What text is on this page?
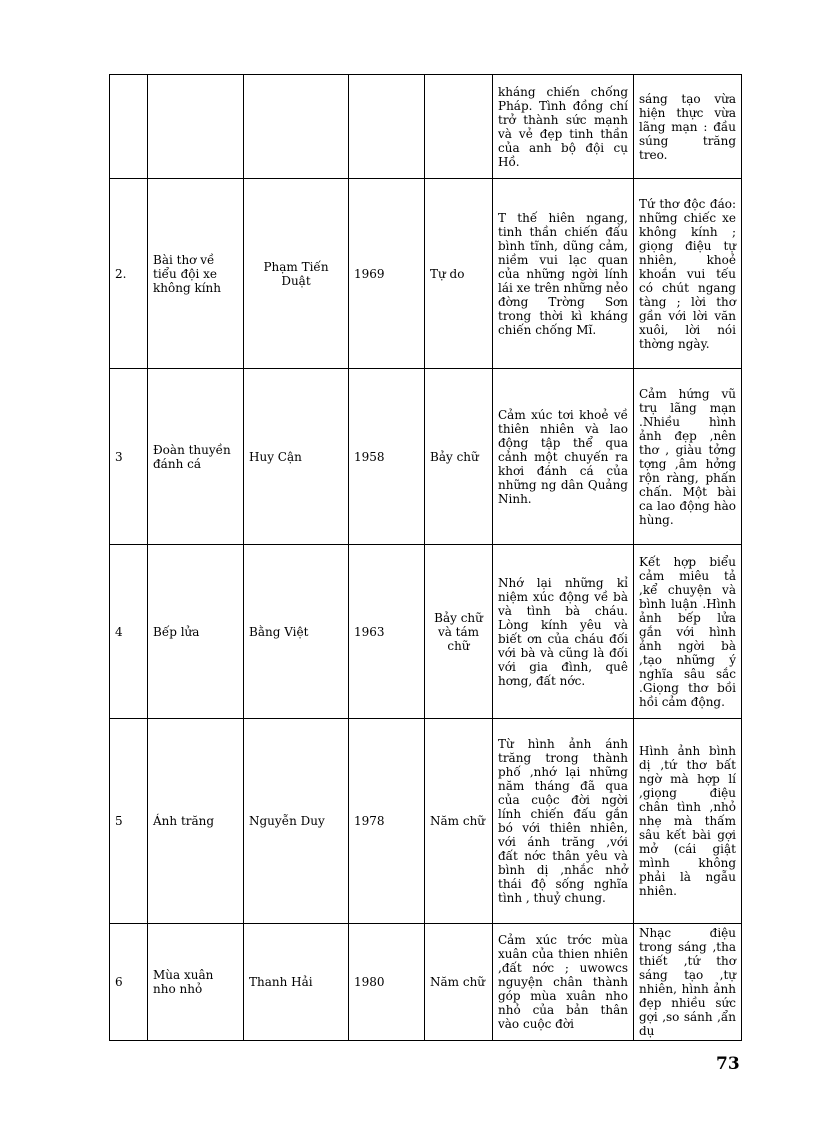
					kháng chiến chống Pháp. Tình đồng chí trở thành sức mạnh và vẻ đẹp tinh thần của anh bộ đội cụ Hồ.	sáng tạo vừa hiện thực vừa lãng mạn : đầu súng trăng treo.
2.	Bài thơ về tiểu đội xe không kính	Phạm Tiến Duật	1969	Tự do	T thế hiên ngang, tinh thần chiến đấu bình tĩnh, dũng cảm, niềm vui lạc quan của những ngời lính lái xe trên những nẻo đờng Trờng Sơn trong thời kì kháng chiến chống Mĩ.	Tứ thơ độc đáo: những chiếc xe không kính ; giọng điệu tự nhiên, khoẻ khoắn vui tếu có chút ngang tàng ; lời thơ gần với lời văn xuôi, lời nói thờng ngày.
3	Đoàn thuyền đánh cá	Huy Cận	1958	Bảy chữ	Cảm xúc tơi khoẻ về thiên nhiên và lao động tập thể qua cảnh một chuyến ra khơi đánh cá của những ng dân Quảng Ninh.	Cảm hứng vũ trụ lãng mạn .Nhiều hình ảnh đẹp ,nên thơ , giàu tởng tợng ,âm hởng rộn ràng, phấn chấn. Một bài ca lao động hào hùng.
4	Bếp lửa	Bằng Việt	1963	Bảy chữ và tám chữ	Nhớ lại những kỉ niệm xúc động về bà và tình bà cháu. Lòng kính yêu và biết ơn của cháu đối với bà và cũng là đối với gia đình, quê hơng, đất nớc.	Kết hợp biểu cảm miêu tả ,kể chuyện và bình luận .Hình ảnh bếp lửa gắn với hình ảnh ngời bà ,tạo những ý nghĩa sâu sắc .Giọng thơ bồi hồi cảm động.
5	Ánh trăng	Nguyễn Duy	1978	Năm chữ	Từ hình ảnh ánh trăng trong thành phố ,nhớ lại những năm tháng đã qua của cuộc đời ngời lính chiến đấu gắn bó với thiên nhiên, với ánh trăng ,với đất nớc thân yêu và bình dị ,nhắc nhở thái độ sống nghĩa tình , thuỷ chung.	Hình ảnh bình dị ,tứ thơ bất ngờ mà hợp lí ,giọng điệu chân tình ,nhỏ nhẹ mà thấm sâu kết bài gợi mở (cái giật mình không phải là ngẫu nhiên.
6	Mùa xuân nho nhỏ	Thanh Hải	1980	Năm chữ	Cảm xúc trớc mùa xuân của thien nhiên ,đất nớc ; uwowcs nguyện chân thành góp mùa xuân nho nhỏ của bản thân vào cuộc đời	Nhạc điệu trong sáng ,tha thiết ,tứ thơ sáng tạo ,tự nhiên, hình ảnh đẹp nhiều sức gợi ,so sánh ,ẩn dụ
73
